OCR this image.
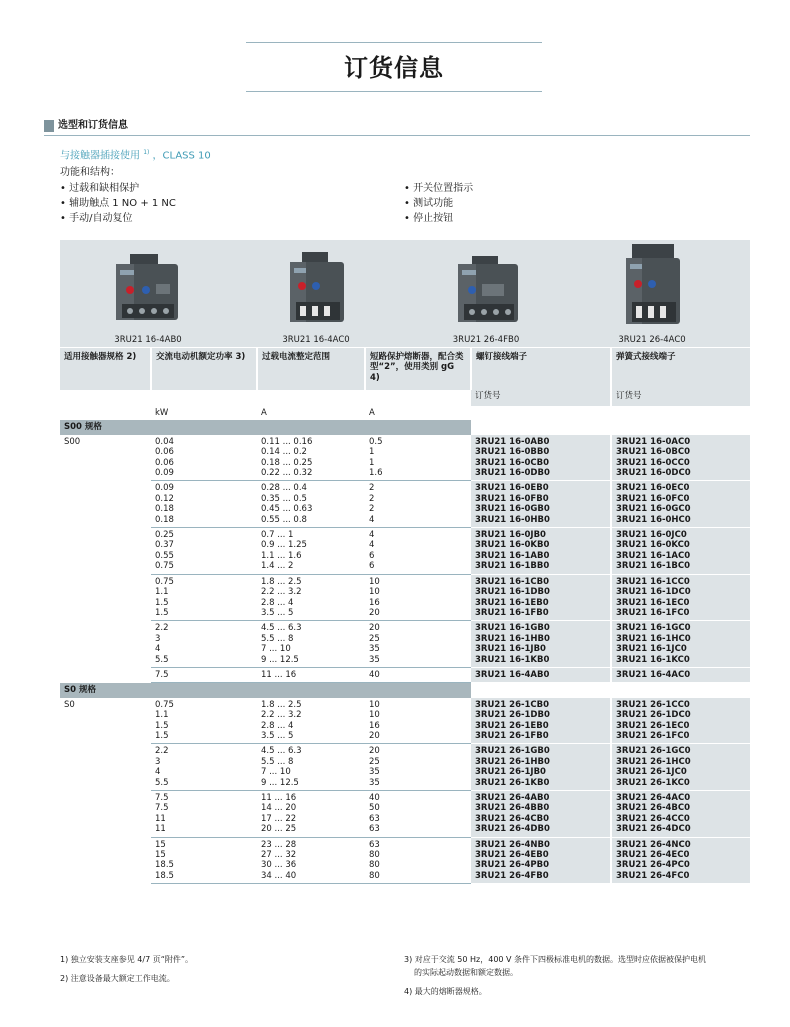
订货信息
选型和订货信息
与接触器插接使用 $^{1)}$ ，CLASS 10
功能和结构：
• 过载和缺相保护
• 辅助触点 1 NO + 1 NC
• 手动/自动复位
• 开关位置指示
• 测试功能
• 停止按钮
3RU21 16-4AB0	3RU21 16-4AC0	3RU21 26-4FB0	3RU21 26-4AC0
适用接触器规格 2)	交流电动机额定功率 3)	过载电流整定范围	短路保护熔断器，配合类型“2”，使用类别 gG 4)	螺钉接线端子	弹簧式接线端子
				订货号	订货号
	kW	A	A		
S00 规格					
S00	0.04	0.11 ... 0.16	0.5	3RU21 16-0AB0	3RU21 16-0AC0
	0.06	0.14 ... 0.2	1	3RU21 16-0BB0	3RU21 16-0BC0
	0.06	0.18 ... 0.25	1	3RU21 16-0CB0	3RU21 16-0CC0
	0.09	0.22 ... 0.32	1.6	3RU21 16-0DB0	3RU21 16-0DC0
	0.09	0.28 ... 0.4	2	3RU21 16-0EB0	3RU21 16-0EC0
	0.12	0.35 ... 0.5	2	3RU21 16-0FB0	3RU21 16-0FC0
	0.18	0.45 ... 0.63	2	3RU21 16-0GB0	3RU21 16-0GC0
	0.18	0.55 ... 0.8	4	3RU21 16-0HB0	3RU21 16-0HC0
	0.25	0.7 ... 1	4	3RU21 16-0JB0	3RU21 16-0JC0
	0.37	0.9 ... 1.25	4	3RU21 16-0KB0	3RU21 16-0KC0
	0.55	1.1 ... 1.6	6	3RU21 16-1AB0	3RU21 16-1AC0
	0.75	1.4 ... 2	6	3RU21 16-1BB0	3RU21 16-1BC0
	0.75	1.8 ... 2.5	10	3RU21 16-1CB0	3RU21 16-1CC0
	1.1	2.2 ... 3.2	10	3RU21 16-1DB0	3RU21 16-1DC0
	1.5	2.8 ... 4	16	3RU21 16-1EB0	3RU21 16-1EC0
	1.5	3.5 ... 5	20	3RU21 16-1FB0	3RU21 16-1FC0
	2.2	4.5 ... 6.3	20	3RU21 16-1GB0	3RU21 16-1GC0
	3	5.5 ... 8	25	3RU21 16-1HB0	3RU21 16-1HC0
	4	7 ... 10	35	3RU21 16-1JB0	3RU21 16-1JC0
	5.5	9 ... 12.5	35	3RU21 16-1KB0	3RU21 16-1KC0
	7.5	11 ... 16	40	3RU21 16-4AB0	3RU21 16-4AC0
S0 规格					
S0	0.75	1.8 ... 2.5	10	3RU21 26-1CB0	3RU21 26-1CC0
	1.1	2.2 ... 3.2	10	3RU21 26-1DB0	3RU21 26-1DC0
	1.5	2.8 ... 4	16	3RU21 26-1EB0	3RU21 26-1EC0
	1.5	3.5 ... 5	20	3RU21 26-1FB0	3RU21 26-1FC0
	2.2	4.5 ... 6.3	20	3RU21 26-1GB0	3RU21 26-1GC0
	3	5.5 ... 8	25	3RU21 26-1HB0	3RU21 26-1HC0
	4	7 ... 10	35	3RU21 26-1JB0	3RU21 26-1JC0
	5.5	9 ... 12.5	35	3RU21 26-1KB0	3RU21 26-1KC0
	7.5	11 ... 16	40	3RU21 26-4AB0	3RU21 26-4AC0
	7.5	14 ... 20	50	3RU21 26-4BB0	3RU21 26-4BC0
	11	17 ... 22	63	3RU21 26-4CB0	3RU21 26-4CC0
	11	20 ... 25	63	3RU21 26-4DB0	3RU21 26-4DC0
	15	23 ... 28	63	3RU21 26-4NB0	3RU21 26-4NC0
	15	27 ... 32	80	3RU21 26-4EB0	3RU21 26-4EC0
	18.5	30 ... 36	80	3RU21 26-4PB0	3RU21 26-4PC0
	18.5	34 ... 40	80	3RU21 26-4FB0	3RU21 26-4FC0

1) 独立安装支座参见 4/7 页“附件”。

2) 注意设备最大额定工作电流。

3) 对应于交流 50 Hz，400 V 条件下四极标准电机的数据。选型时应依据被保护电机

的实际起动数据和额定数据。

4) 最大的熔断器规格。
